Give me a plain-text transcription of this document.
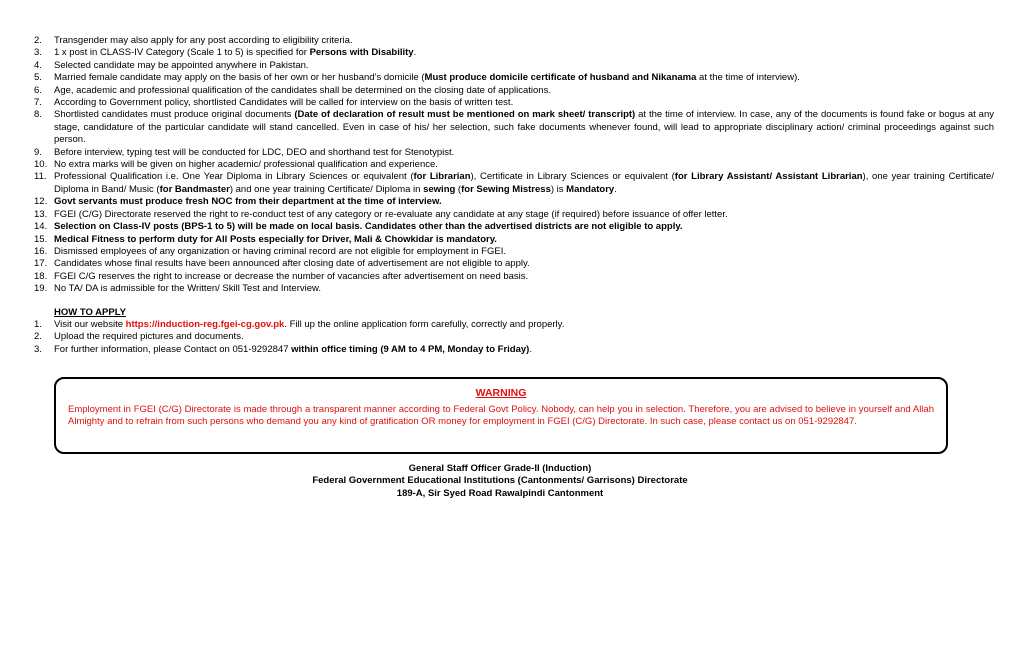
2.	Transgender may also apply for any post according to eligibility criteria.
3.	1 x post in CLASS-IV Category (Scale 1 to 5) is specified for Persons with Disability.
4.	Selected candidate may be appointed anywhere in Pakistan.
5.	Married female candidate may apply on the basis of her own or her husband’s domicile (Must produce domicile certificate of husband and Nikanama at the time of interview).
6.	Age, academic and professional qualification of the candidates shall be determined on the closing date of applications.
7.	According to Government policy, shortlisted Candidates will be called for interview on the basis of written test.
8.	Shortlisted candidates must produce original documents (Date of declaration of result must be mentioned on mark sheet/ transcript) at the time of interview. In case, any of the documents is found fake or bogus at any stage, candidature of the particular candidate will stand cancelled. Even in case of his/ her selection, such fake documents whenever found, will lead to appropriate disciplinary action/ criminal proceedings against such person.
9.	Before interview, typing test will be conducted for LDC, DEO and shorthand test for Stenotypist.
10. No extra marks will be given on higher academic/ professional qualification and experience.
11. Professional Qualification i.e. One Year Diploma in Library Sciences or equivalent (for Librarian), Certificate in Library Sciences or equivalent (for Library Assistant/ Assistant Librarian), one year training Certificate/ Diploma in Band/ Music (for Bandmaster) and one year training Certificate/ Diploma in sewing (for Sewing Mistress) is Mandatory.
12. Govt servants must produce fresh NOC from their department at the time of interview.
13. FGEI (C/G) Directorate reserved the right to re-conduct test of any category or re-evaluate any candidate at any stage (if required) before issuance of offer letter.
14. Selection on Class-IV posts (BPS-1 to 5) will be made on local basis. Candidates other than the advertised districts are not eligible to apply.
15. Medical Fitness to perform duty for All Posts especially for Driver, Mali & Chowkidar is mandatory.
16. Dismissed employees of any organization or having criminal record are not eligible for employment in FGEI.
17. Candidates whose final results have been announced after closing date of advertisement are not eligible to apply.
18. FGEI C/G reserves the right to increase or decrease the number of vacancies after advertisement on need basis.
19. No TA/ DA is admissible for the Written/ Skill Test and Interview.
HOW TO APPLY
1.	Visit our website https://induction-reg.fgei-cg.gov.pk. Fill up the online application form carefully, correctly and properly.
2.	Upload the required pictures and documents.
3.	For further information, please Contact on 051-9292847 within office timing (9 AM to 4 PM, Monday to Friday).
WARNING
Employment in FGEI (C/G) Directorate is made through a transparent manner according to Federal Govt Policy. Nobody, can help you in selection. Therefore, you are advised to believe in yourself and Allah Almighty and to refrain from such persons who demand you any kind of gratification OR money for employment in FGEI (C/G) Directorate. In such case, please contact us on 051-9292847.
General Staff Officer Grade-II (Induction)
Federal Government Educational Institutions (Cantonments/ Garrisons) Directorate
189-A, Sir Syed Road Rawalpindi Cantonment
